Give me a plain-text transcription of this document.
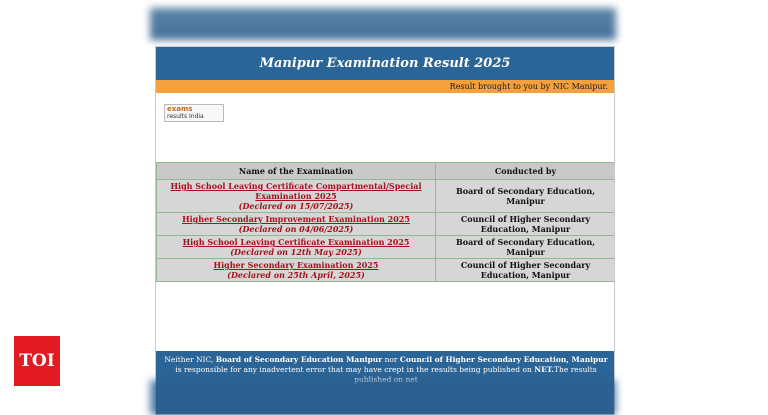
Manipur Examination Result 2025
Result brought to you by NIC Manipur.
exams
results India
Name of the Examination	Conducted by

High School Leaving Certificate Compartmental/Special Examination 2025
(Declared on 15/07/2025)	Board of Secondary Education, Manipur

Higher Secondary Improvement Examination 2025
(Declared on 04/06/2025)	Council of Higher Secondary Education, Manipur

High School Leaving Certificate Examination 2025
(Declared on 12th May 2025)	Board of Secondary Education, Manipur

Higher Secondary Examination 2025
(Declared on 25th April, 2025)	Council of Higher Secondary Education, Manipur
Neither NIC, Board of Secondary Education Manipur nor Council of Higher Secondary Education, Manipur is responsible for any inadvertent error that may have crept in the results being published on NET.The results
TOI
